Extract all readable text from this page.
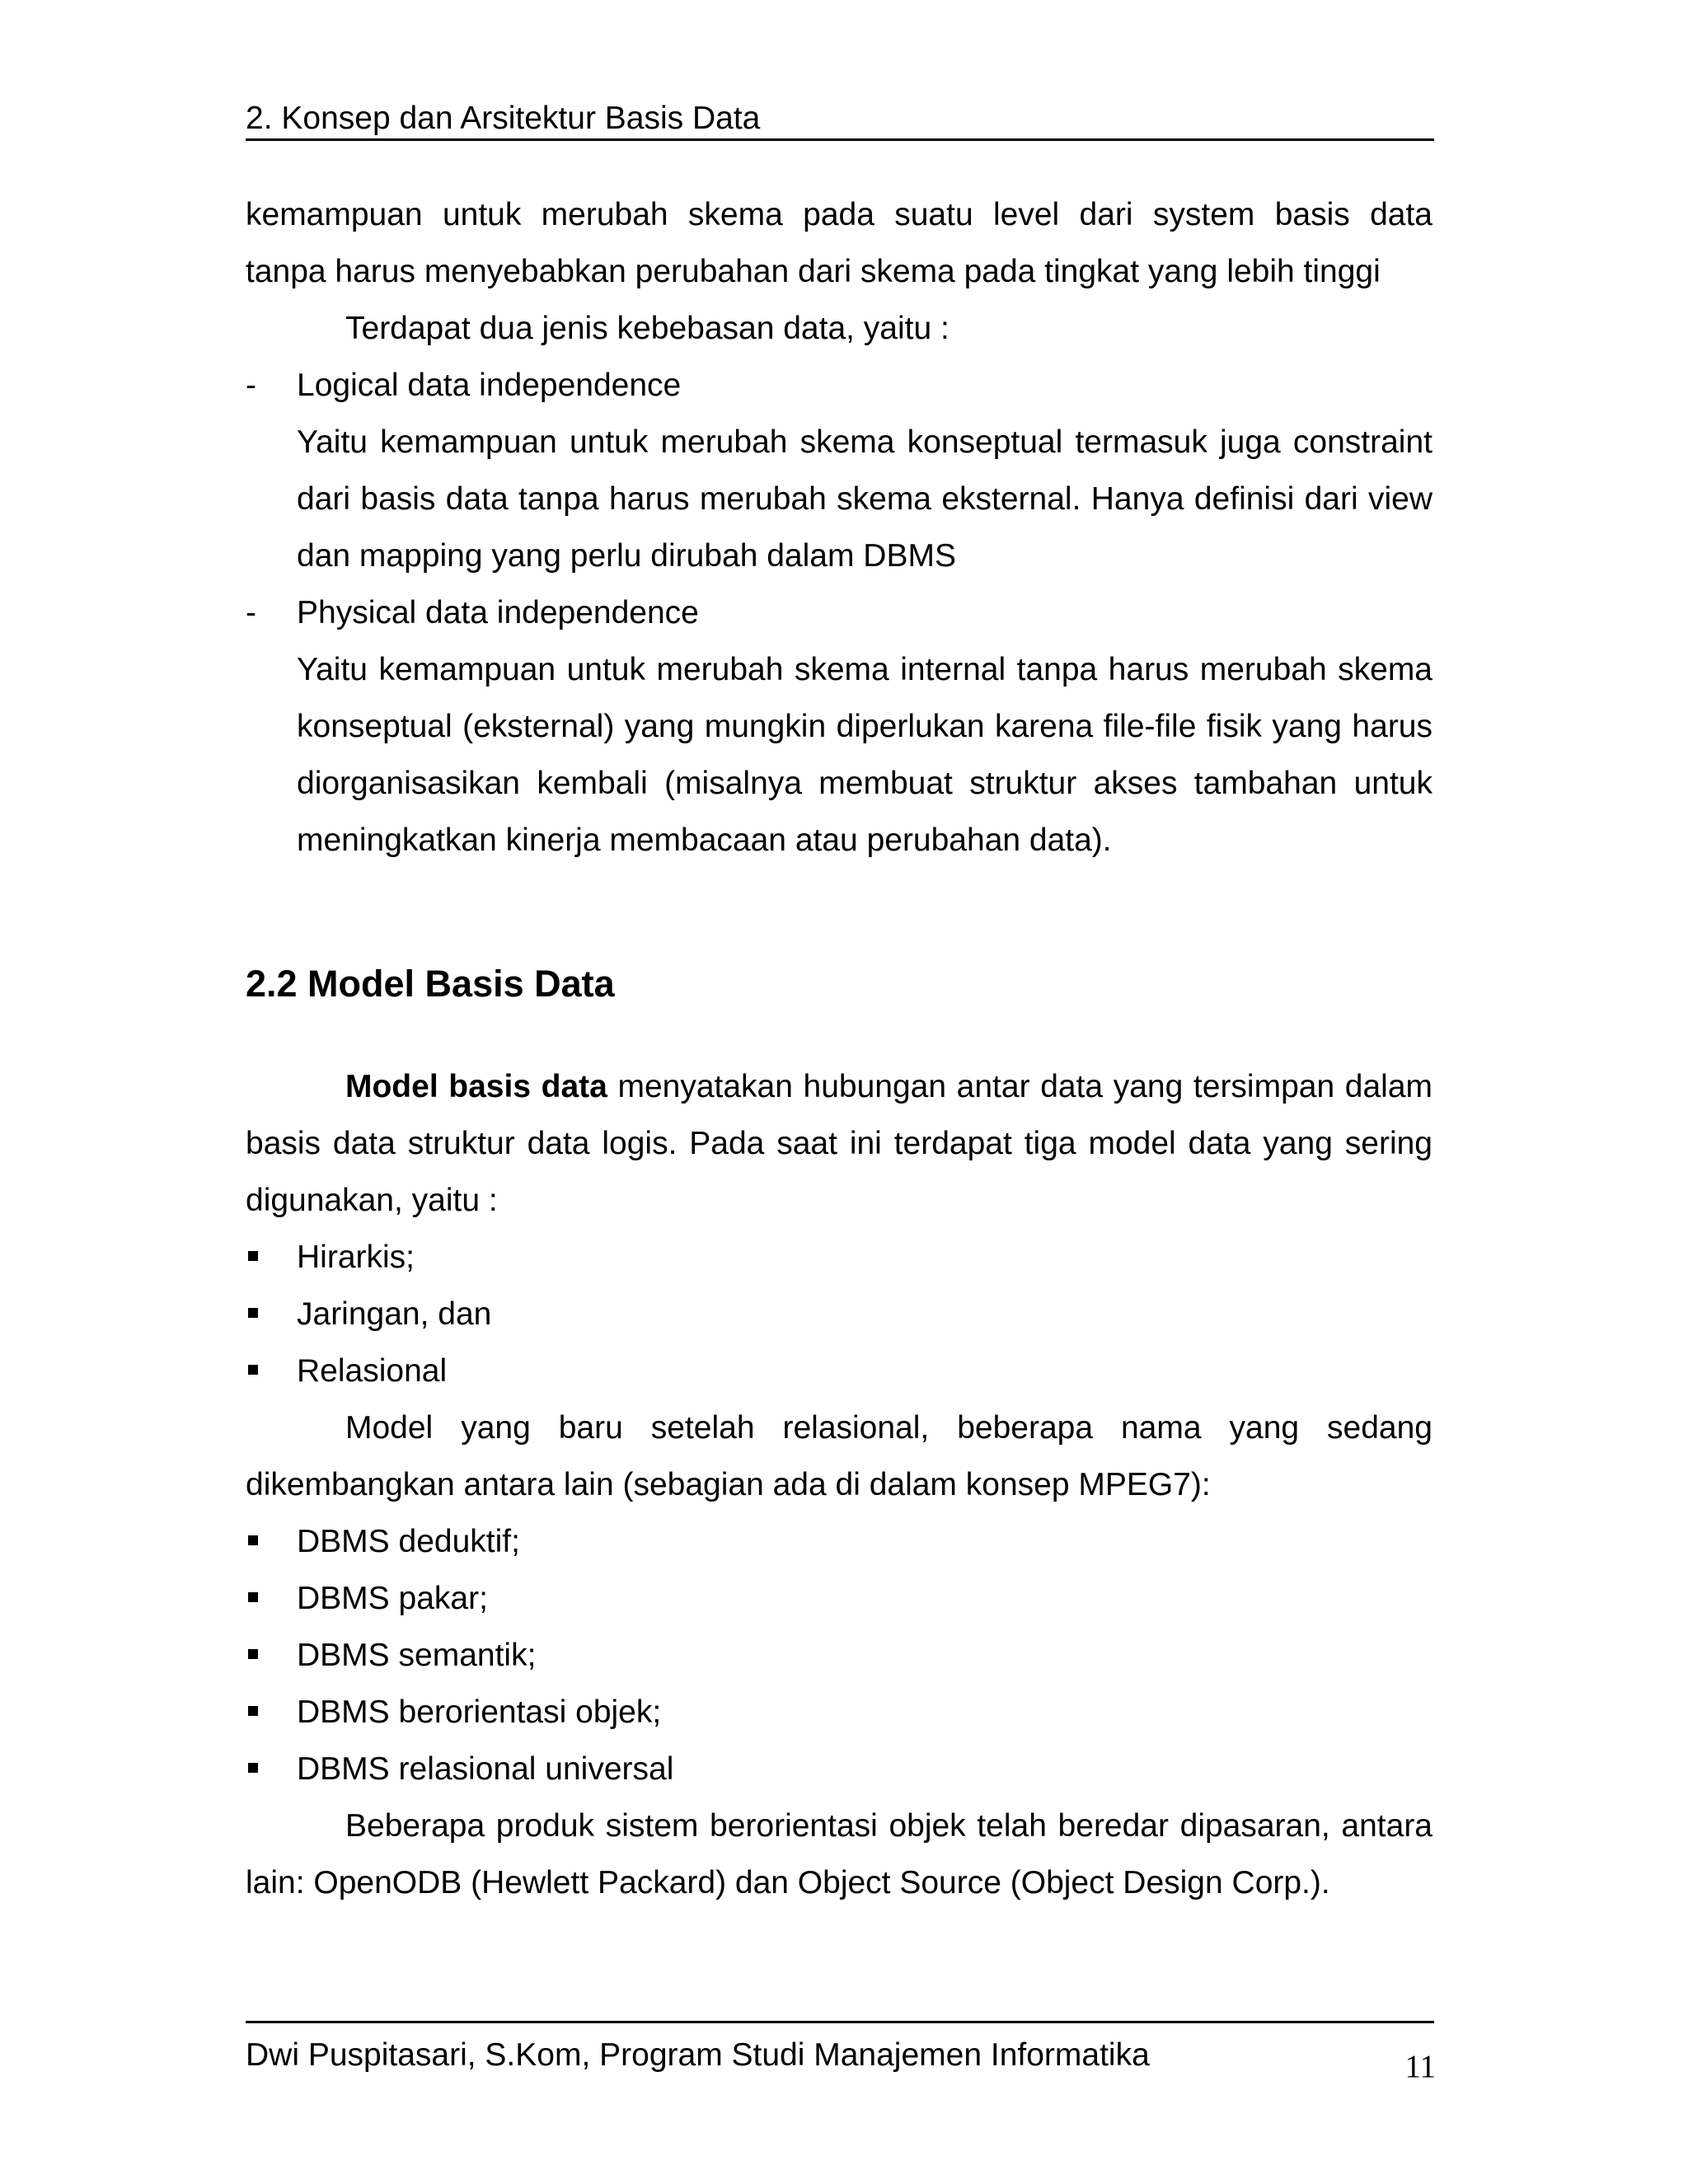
2. Konsep dan Arsitektur Basis Data
kemampuan untuk merubah skema pada suatu level dari system basis data
tanpa harus menyebabkan perubahan dari skema pada tingkat yang lebih tinggi
Terdapat dua jenis kebebasan data, yaitu :
- Logical data independence
Yaitu kemampuan untuk merubah skema konseptual termasuk juga constraint dari basis data tanpa harus merubah skema eksternal. Hanya definisi dari view dan mapping yang perlu dirubah dalam DBMS
- Physical data independence
Yaitu kemampuan untuk merubah skema internal tanpa harus merubah skema konseptual (eksternal) yang mungkin diperlukan karena file-file fisik yang harus diorganisasikan kembali (misalnya membuat struktur akses tambahan untuk meningkatkan kinerja membacaan atau perubahan data).
2.2 Model Basis Data
Model basis data menyatakan hubungan antar data yang tersimpan dalam basis data struktur data logis. Pada saat ini terdapat tiga model data yang sering digunakan, yaitu :
Hirarkis;
Jaringan, dan
Relasional
Model yang baru setelah relasional, beberapa nama yang sedang dikembangkan antara lain (sebagian ada di dalam konsep MPEG7):
DBMS deduktif;
DBMS pakar;
DBMS semantik;
DBMS berorientasi objek;
DBMS relasional universal
Beberapa produk sistem berorientasi objek telah beredar dipasaran, antara lain: OpenODB (Hewlett Packard) dan Object Source (Object Design Corp.).
Dwi Puspitasari, S.Kom, Program Studi Manajemen Informatika	11
